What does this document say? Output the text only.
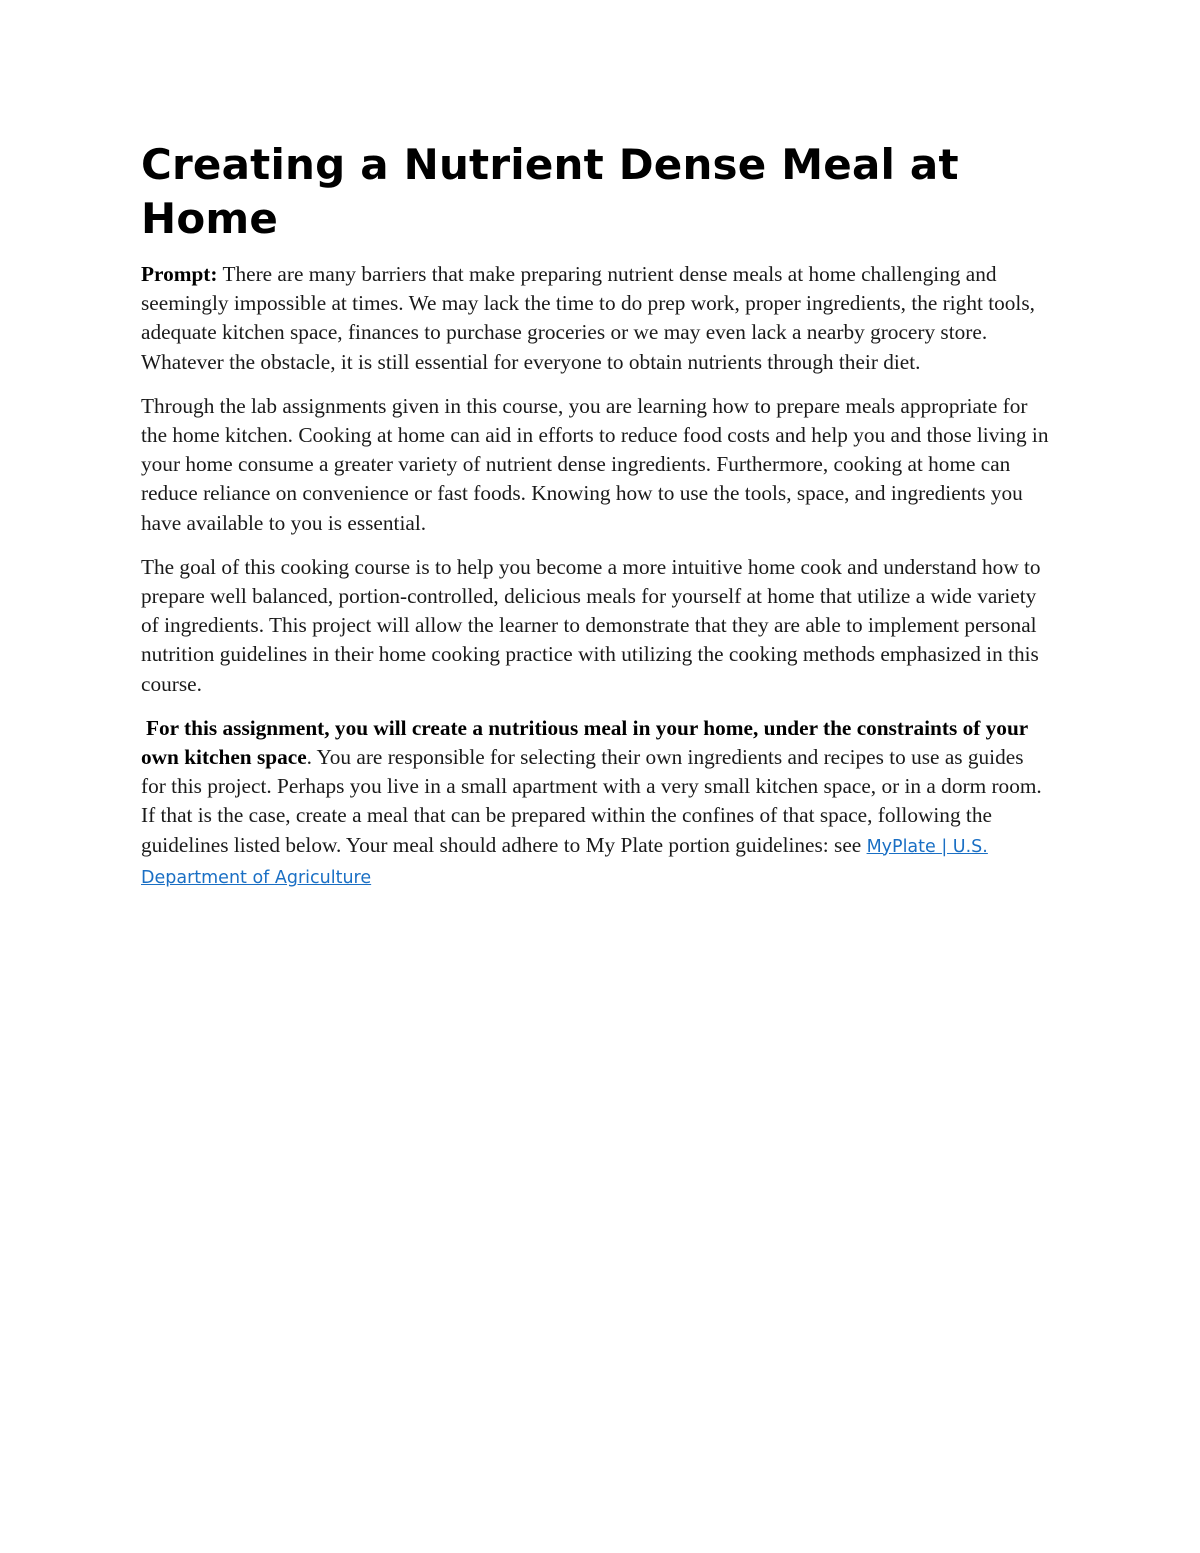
Creating a Nutrient Dense Meal at Home

Prompt: There are many barriers that make preparing nutrient dense meals at home challenging and seemingly impossible at times. We may lack the time to do prep work, proper ingredients, the right tools, adequate kitchen space, finances to purchase groceries or we may even lack a nearby grocery store. Whatever the obstacle, it is still essential for everyone to obtain nutrients through their diet.

Through the lab assignments given in this course, you are learning how to prepare meals appropriate for the home kitchen. Cooking at home can aid in efforts to reduce food costs and help you and those living in your home consume a greater variety of nutrient dense ingredients. Furthermore, cooking at home can reduce reliance on convenience or fast foods. Knowing how to use the tools, space, and ingredients you have available to you is essential.

The goal of this cooking course is to help you become a more intuitive home cook and understand how to prepare well balanced, portion-controlled, delicious meals for yourself at home that utilize a wide variety of ingredients. This project will allow the learner to demonstrate that they are able to implement personal nutrition guidelines in their home cooking practice with utilizing the cooking methods emphasized in this course.

For this assignment, you will create a nutritious meal in your home, under the constraints of your own kitchen space. You are responsible for selecting their own ingredients and recipes to use as guides for this project. Perhaps you live in a small apartment with a very small kitchen space, or in a dorm room. If that is the case, create a meal that can be prepared within the confines of that space, following the guidelines listed below. Your meal should adhere to My Plate portion guidelines: see MyPlate | U.S. Department of Agriculture
